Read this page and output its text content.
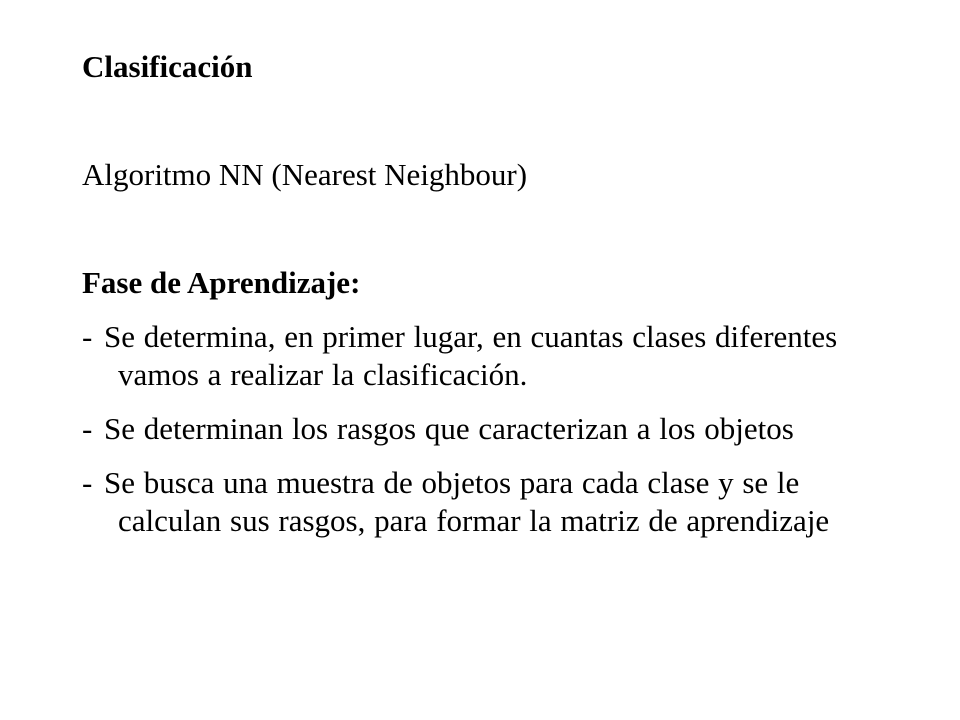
Clasificación

Algoritmo NN (Nearest Neighbour)

Fase de Aprendizaje:

- Se determina, en primer lugar, en cuantas clases diferentes vamos a realizar la clasificación.
- Se determinan los rasgos que caracterizan a los objetos
- Se busca una muestra de objetos para cada clase y se le calculan sus rasgos, para formar la matriz de aprendizaje
